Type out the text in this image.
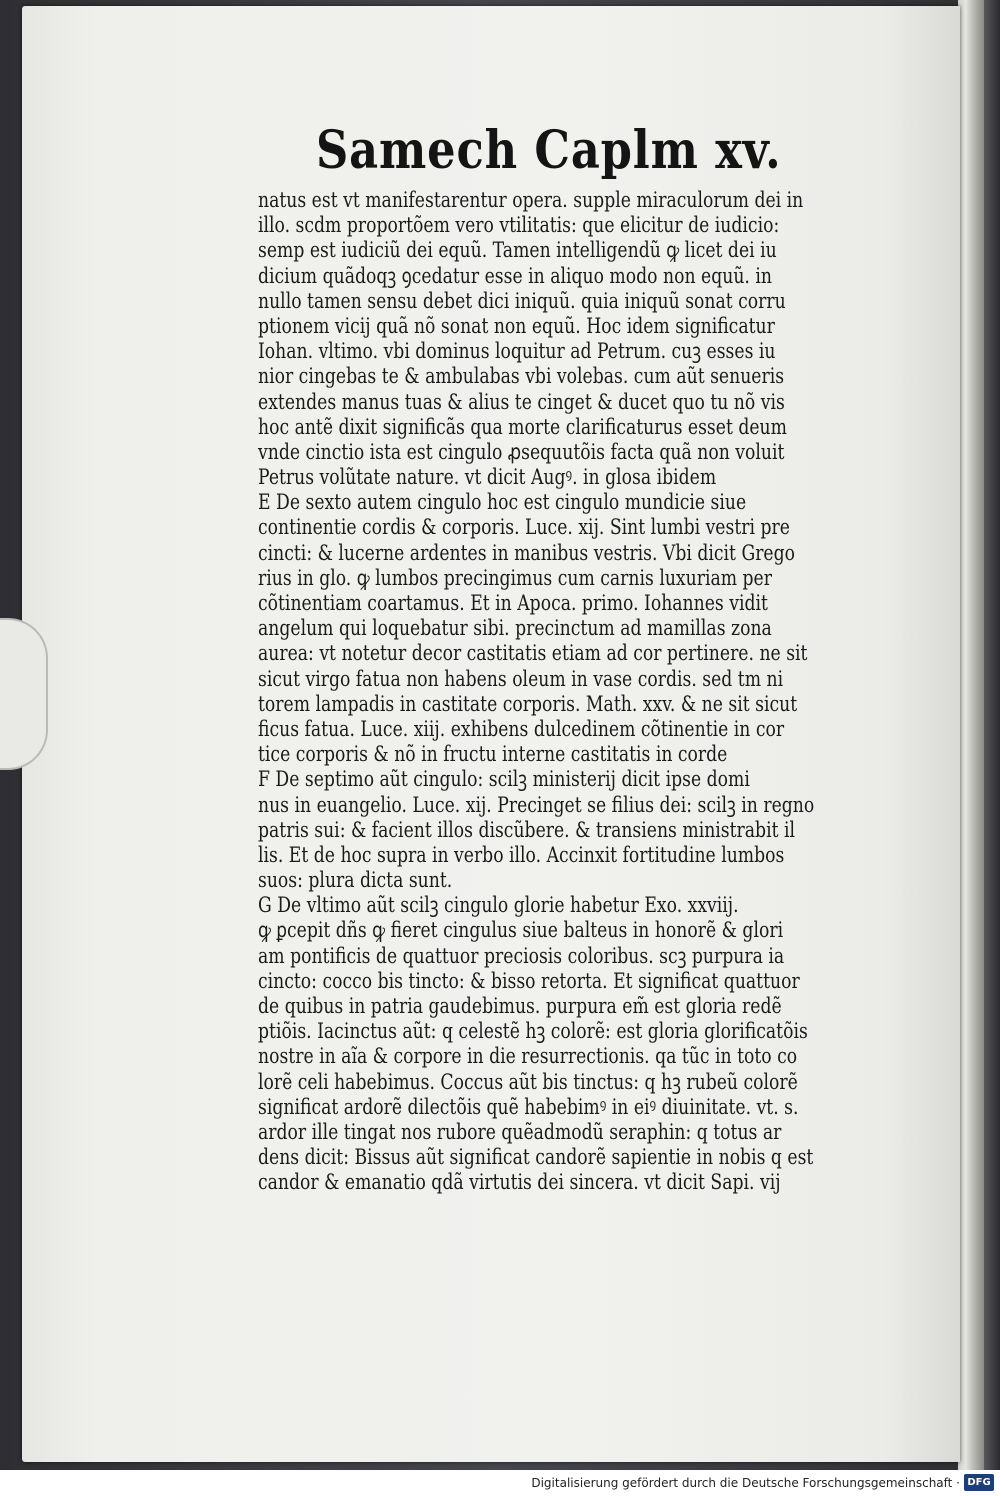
Samech Caplm xv.
natus est vt manifestarentur opera. supple miraculorum dei in
illo. scdm proportõem vero vtilitatis: que elicitur de iudicio:
semp est iudiciũ dei equũ. Tamen intelligendũ ꝙ licet dei iu
dicium quãdoqꝫ ꝯcedatur esse in aliquo modo non equũ. in
nullo tamen sensu debet dici iniquũ. quia iniquũ sonat corru
ptionem vicij quã nõ sonat non equũ. Hoc idem significatur
Iohan. vltimo. vbi dominus loquitur ad Petrum. cuꝫ esses iu
nior cingebas te & ambulabas vbi volebas. cum aũt senueris
extendes manus tuas & alius te cinget & ducet quo tu nõ vis
hoc antẽ dixit significãs qua morte clarificaturus esset deum
vnde cinctio ista est cingulo ꝓsequutõis facta quã non voluit
Petrus volũtate nature. vt dicit Augꝰ. in glosa ibidem
E De sexto autem cingulo hoc est cingulo mundicie siue
continentie cordis & corporis. Luce. xij. Sint lumbi vestri pre
cincti: & lucerne ardentes in manibus vestris. Vbi dicit Grego
rius in glo. ꝙ lumbos precingimus cum carnis luxuriam per
cõtinentiam coartamus. Et in Apoca. primo. Iohannes vidit
angelum qui loquebatur sibi. precinctum ad mamillas zona
aurea: vt notetur decor castitatis etiam ad cor pertinere. ne sit
sicut virgo fatua non habens oleum in vase cordis. sed tm ni
torem lampadis in castitate corporis. Math. xxv. & ne sit sicut
ficus fatua. Luce. xiij. exhibens dulcedinem cõtinentie in cor
tice corporis & nõ in fructu interne castitatis in corde
F De septimo aũt cingulo: scilꝫ ministerij dicit ipse domi
nus in euangelio. Luce. xij. Precinget se filius dei: scilꝫ in regno
patris sui: & facient illos discũbere. & transiens ministrabit il
lis. Et de hoc supra in verbo illo. Accinxit fortitudine lumbos
suos: plura dicta sunt.
G De vltimo aũt scilꝫ cingulo glorie habetur Exo. xxviij.
ꝙ ꝑcepit dñs ꝙ fieret cingulus siue balteus in honorẽ & glori
am pontificis de quattuor preciosis coloribus. scꝫ purpura ia
cincto: cocco bis tincto: & bisso retorta. Et significat quattuor
de quibus in patria gaudebimus. purpura em̃ est gloria redẽ
ptiõis. Iacinctus aũt: q celestẽ hꝫ colorẽ: est gloria glorificatõis
nostre in aĩa & corpore in die resurrectionis. qa tũc in toto co
lorẽ celi habebimus. Coccus aũt bis tinctus: q hꝫ rubeũ colorẽ
significat ardorẽ dilectõis quẽ habebimꝰ in eiꝰ diuinitate. vt. s.
ardor ille tingat nos rubore quẽadmodũ seraphin: q totus ar
dens dicit: Bissus aũt significat candorẽ sapientie in nobis q est
candor & emanatio qdã virtutis dei sincera. vt dicit Sapi. vij
Digitalisierung gefördert durch die Deutsche Forschungsgemeinschaft · DFG
